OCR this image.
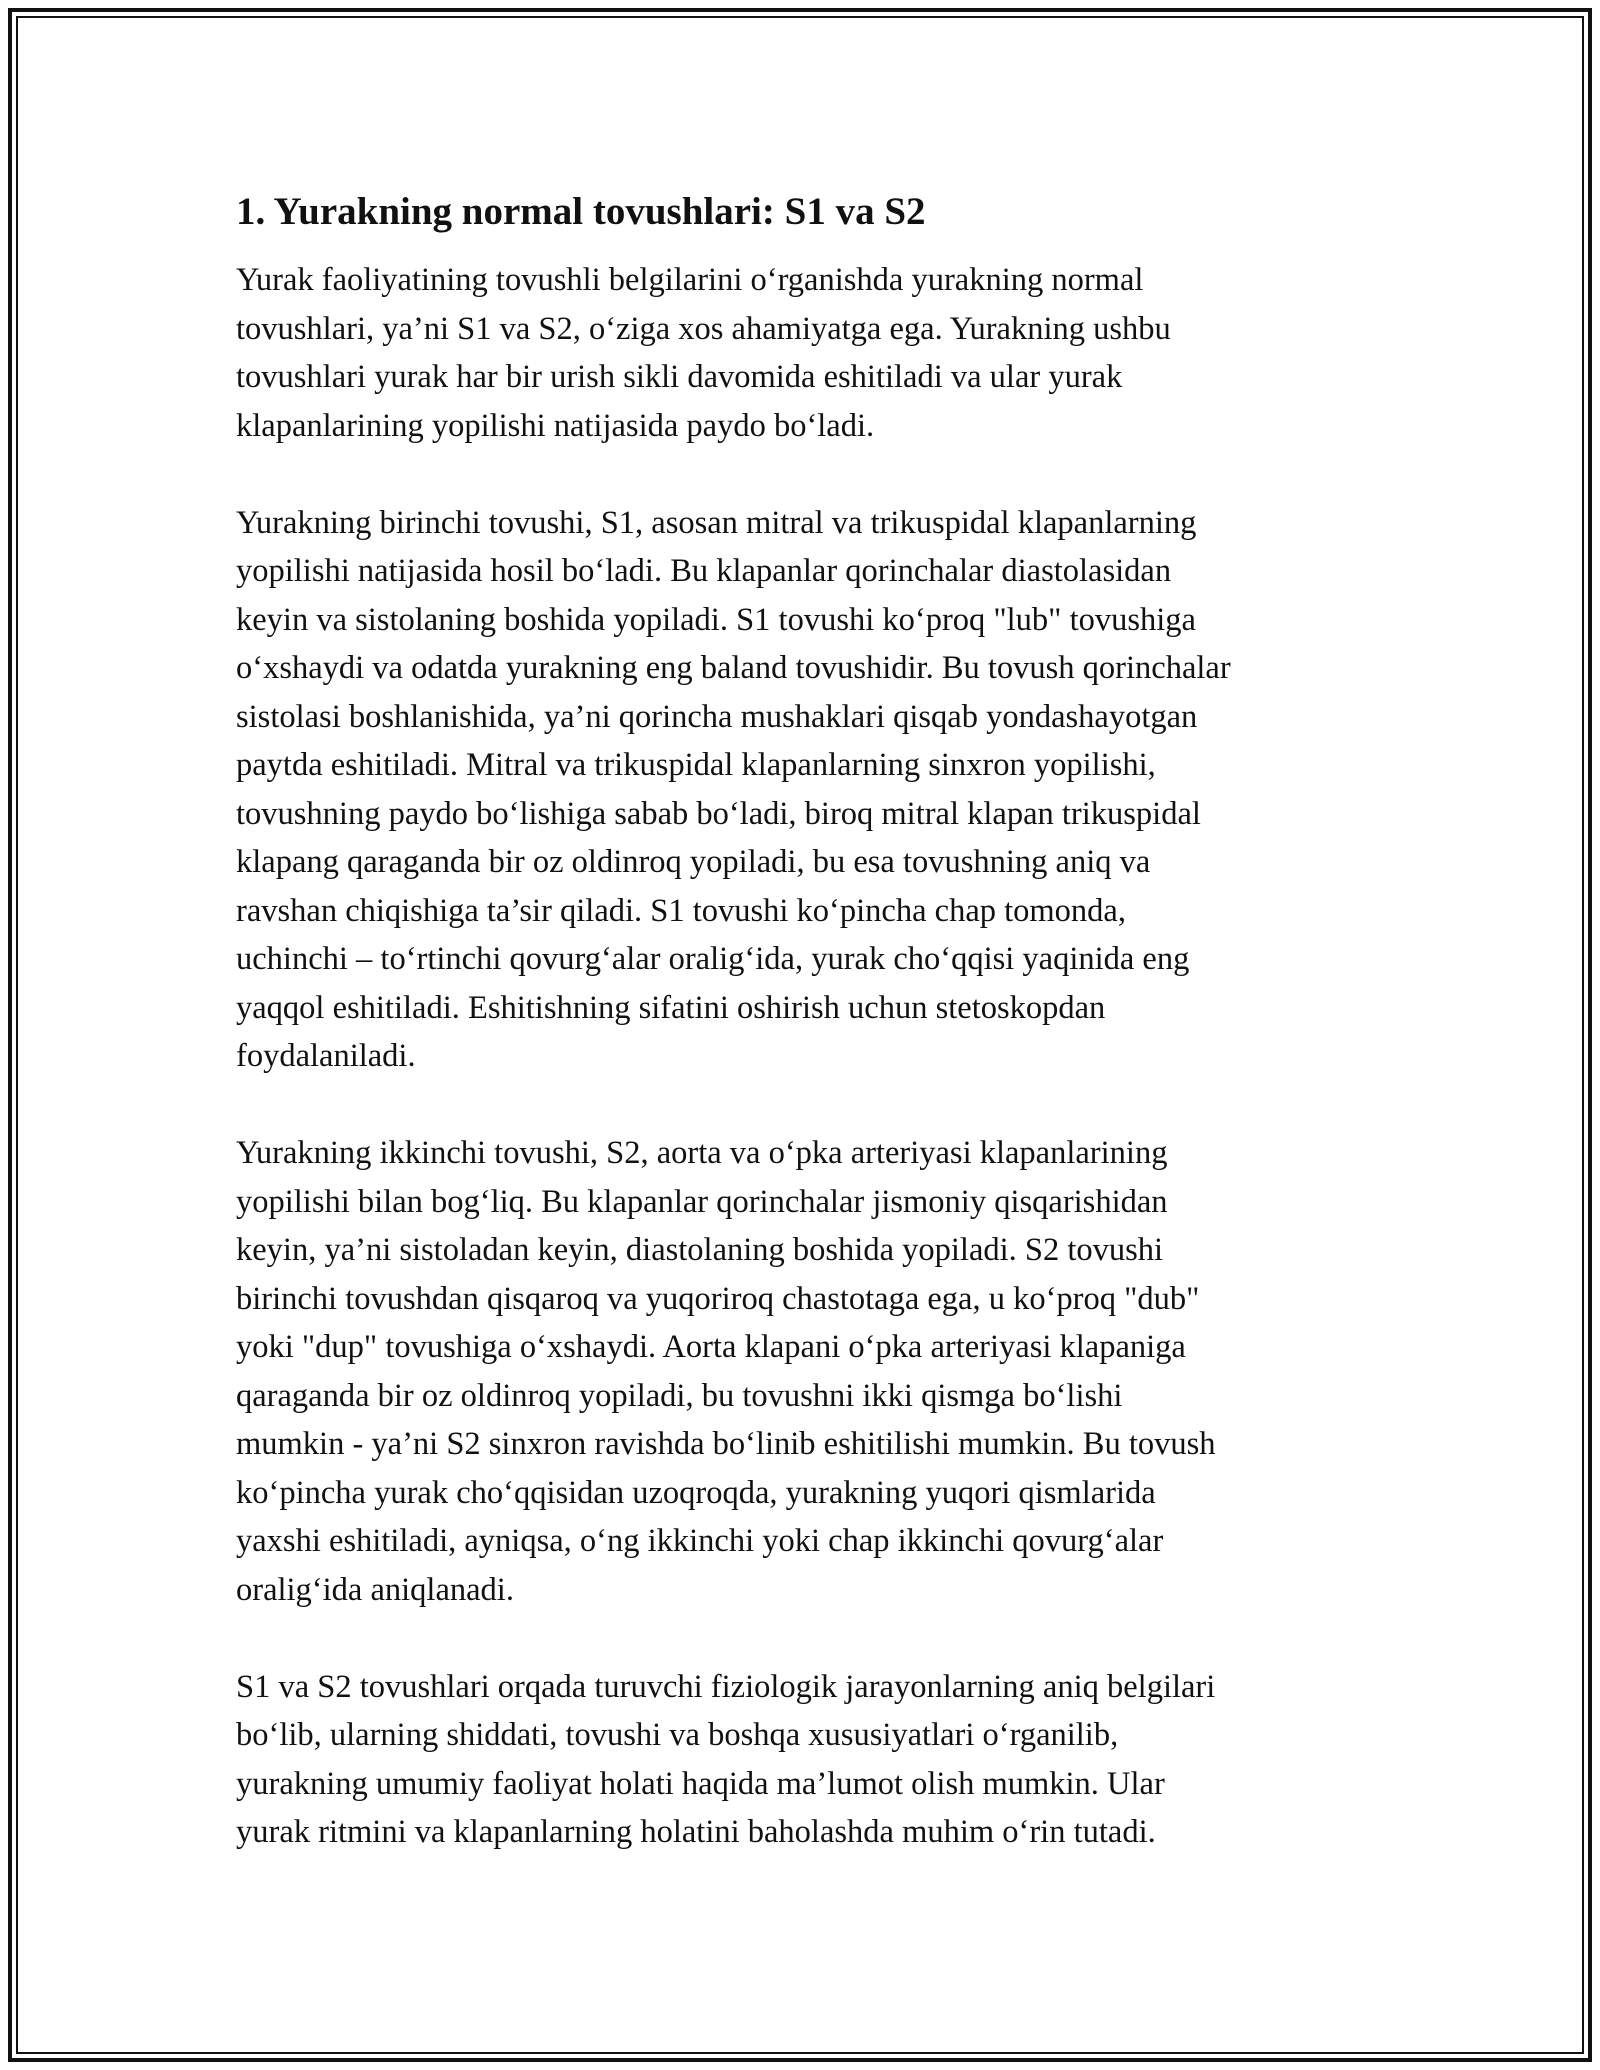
1. Yurakning normal tovushlari: S1 va S2
Yurak faoliyatining tovushli belgilarini o‘rganishda yurakning normal
tovushlari, ya’ni S1 va S2, o‘ziga xos ahamiyatga ega. Yurakning ushbu
tovushlari yurak har bir urish sikli davomida eshitiladi va ular yurak
klapanlarining yopilishi natijasida paydo bo‘ladi.
Yurakning birinchi tovushi, S1, asosan mitral va trikuspidal klapanlarning
yopilishi natijasida hosil bo‘ladi. Bu klapanlar qorinchalar diastolasidan
keyin va sistolaning boshida yopiladi. S1 tovushi ko‘proq "lub" tovushiga
o‘xshaydi va odatda yurakning eng baland tovushidir. Bu tovush qorinchalar
sistolasi boshlanishida, ya’ni qorincha mushaklari qisqab yondashayotgan
paytda eshitiladi. Mitral va trikuspidal klapanlarning sinxron yopilishi,
tovushning paydo bo‘lishiga sabab bo‘ladi, biroq mitral klapan trikuspidal
klapang qaraganda bir oz oldinroq yopiladi, bu esa tovushning aniq va
ravshan chiqishiga ta’sir qiladi. S1 tovushi ko‘pincha chap tomonda,
uchinchi – to‘rtinchi qovurg‘alar oralig‘ida, yurak cho‘qqisi yaqinida eng
yaqqol eshitiladi. Eshitishning sifatini oshirish uchun stetoskopdan
foydalaniladi.
Yurakning ikkinchi tovushi, S2, aorta va o‘pka arteriyasi klapanlarining
yopilishi bilan bog‘liq. Bu klapanlar qorinchalar jismoniy qisqarishidan
keyin, ya’ni sistoladan keyin, diastolaning boshida yopiladi. S2 tovushi
birinchi tovushdan qisqaroq va yuqoriroq chastotaga ega, u ko‘proq "dub"
yoki "dup" tovushiga o‘xshaydi. Aorta klapani o‘pka arteriyasi klapaniga
qaraganda bir oz oldinroq yopiladi, bu tovushni ikki qismga bo‘lishi
mumkin - ya’ni S2 sinxron ravishda bo‘linib eshitilishi mumkin. Bu tovush
ko‘pincha yurak cho‘qqisidan uzoqroqda, yurakning yuqori qismlarida
yaxshi eshitiladi, ayniqsa, o‘ng ikkinchi yoki chap ikkinchi qovurg‘alar
oralig‘ida aniqlanadi.
S1 va S2 tovushlari orqada turuvchi fiziologik jarayonlarning aniq belgilari
bo‘lib, ularning shiddati, tovushi va boshqa xususiyatlari o‘rganilib,
yurakning umumiy faoliyat holati haqida ma’lumot olish mumkin. Ular
yurak ritmini va klapanlarning holatini baholashda muhim o‘rin tutadi.
